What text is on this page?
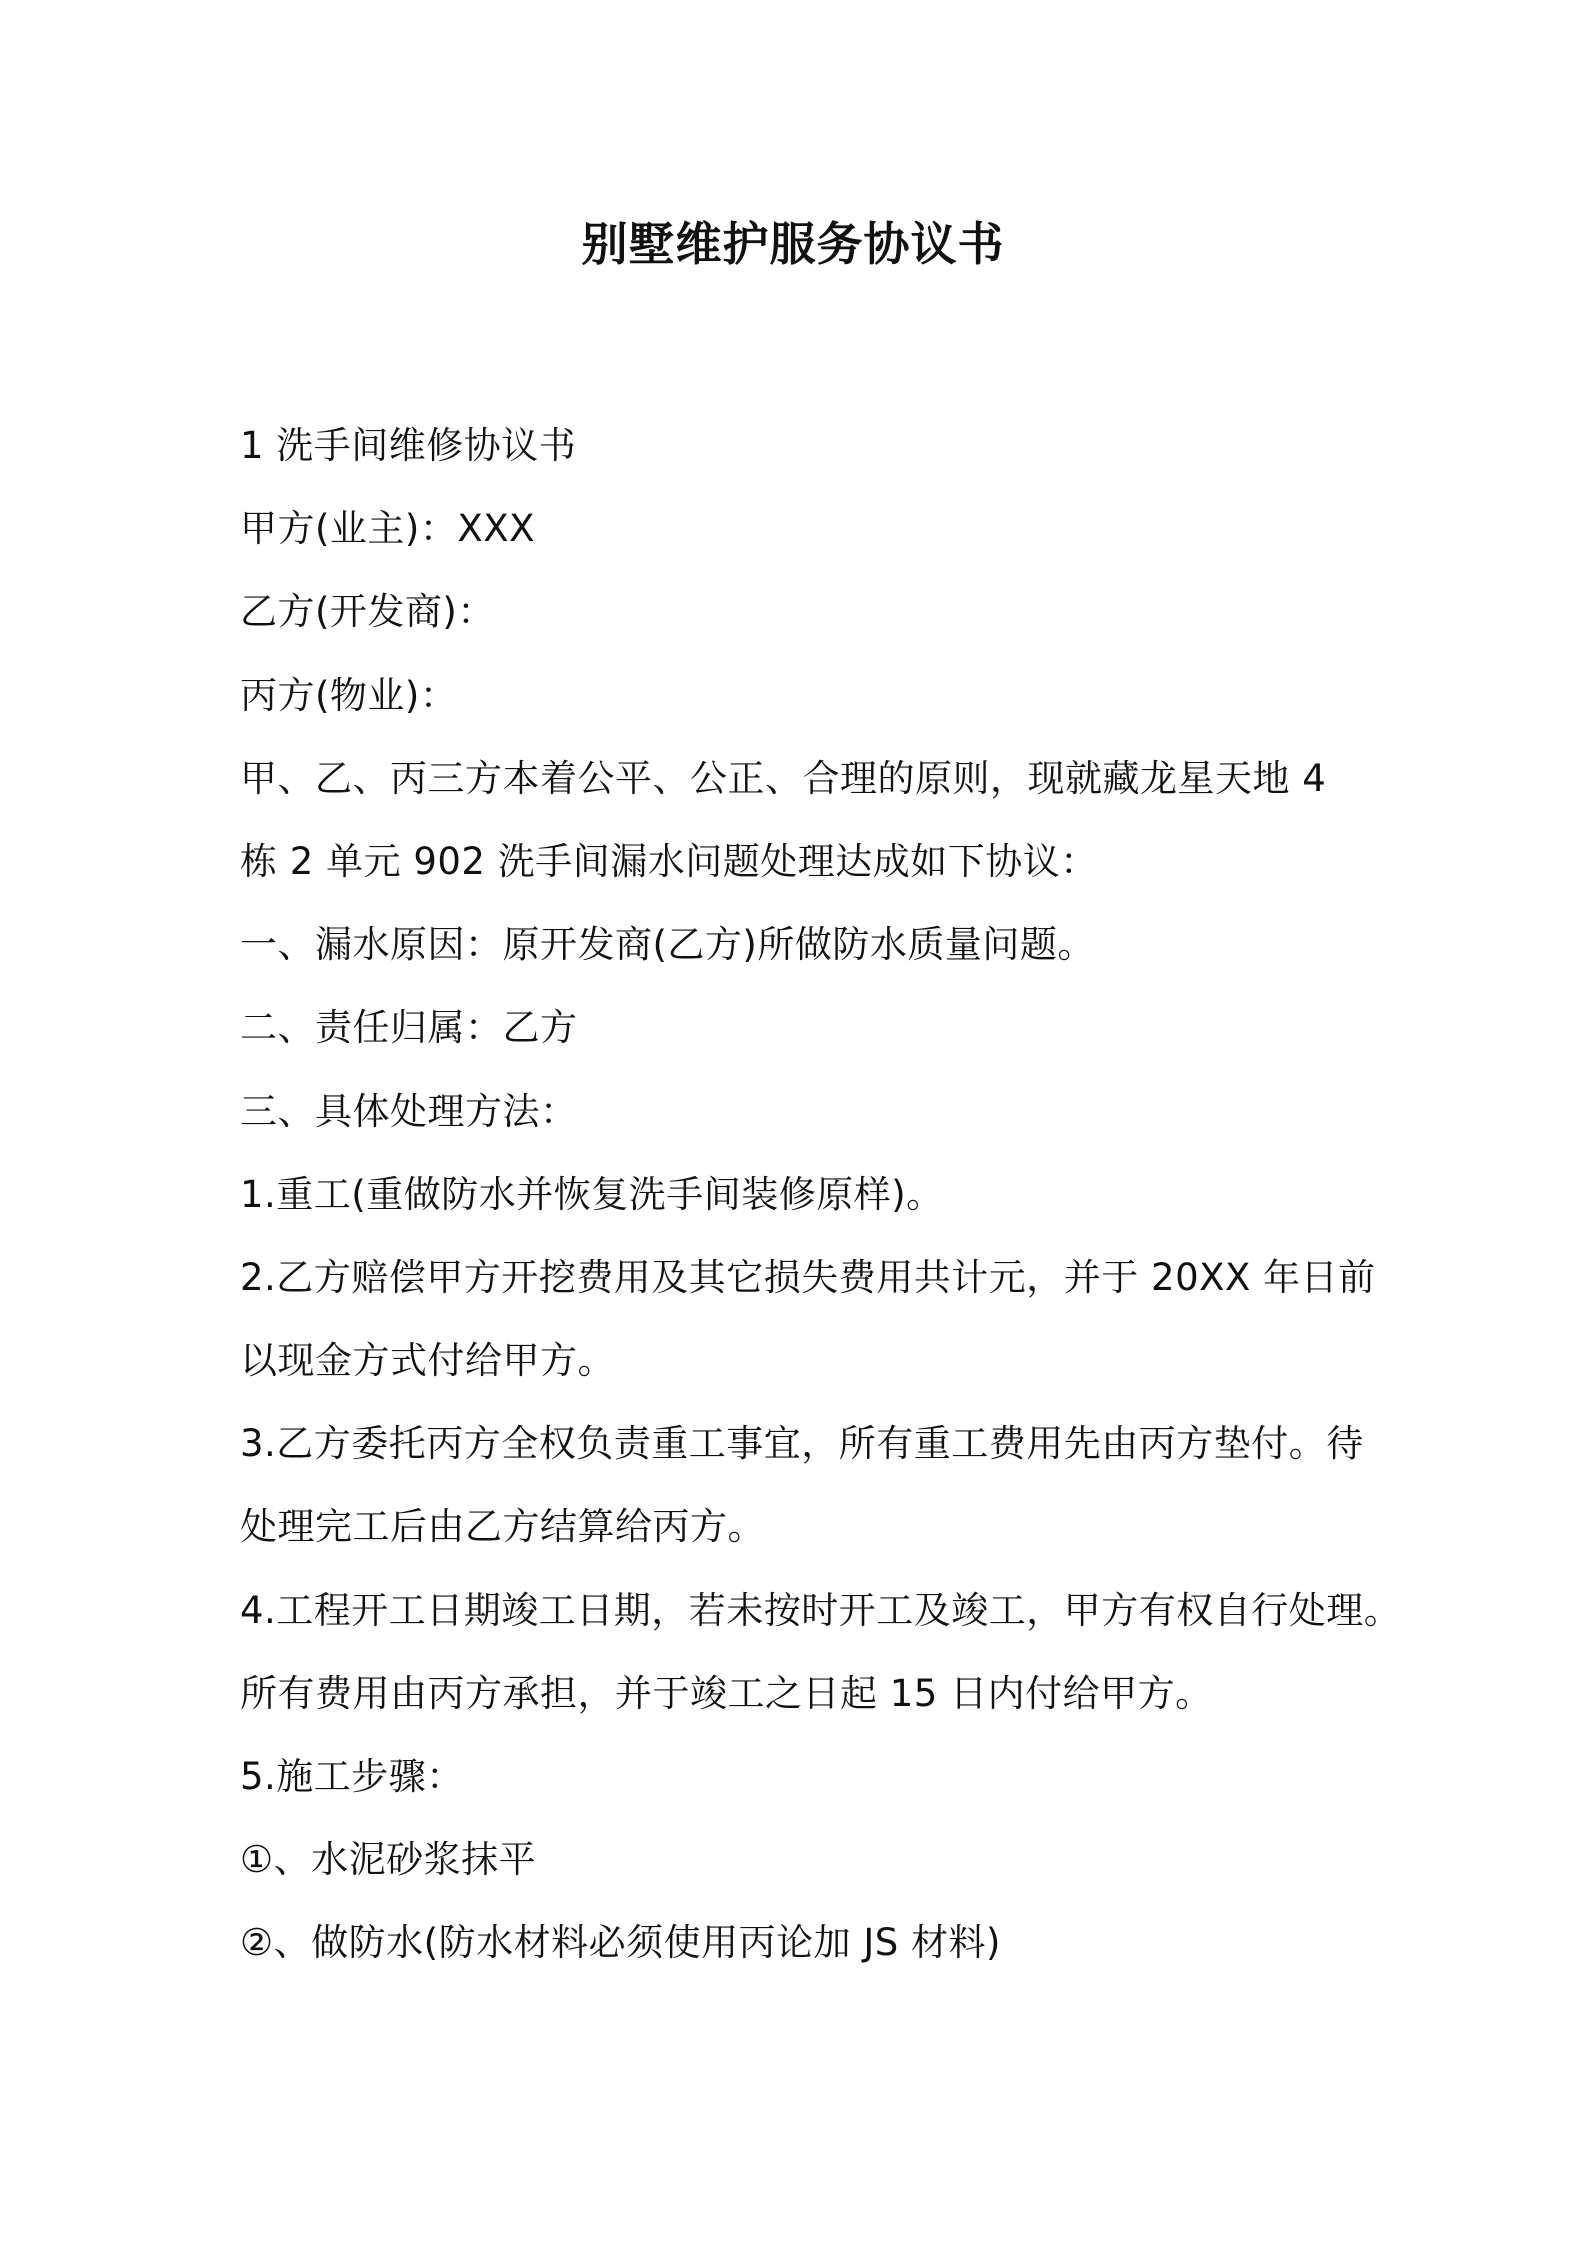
别墅维护服务协议书
1 洗手间维修协议书
甲方(业主)：XXX
乙方(开发商)：
丙方(物业)：
甲、乙、丙三方本着公平、公正、合理的原则，现就藏龙星天地 4
栋 2 单元 902 洗手间漏水问题处理达成如下协议：
一、漏水原因：原开发商(乙方)所做防水质量问题。
二、责任归属：乙方
三、具体处理方法：
1.重工(重做防水并恢复洗手间装修原样)。
2.乙方赔偿甲方开挖费用及其它损失费用共计元，并于 20XX 年日前
以现金方式付给甲方。
3.乙方委托丙方全权负责重工事宜，所有重工费用先由丙方垫付。待
处理完工后由乙方结算给丙方。
4.工程开工日期竣工日期，若未按时开工及竣工，甲方有权自行处理。
所有费用由丙方承担，并于竣工之日起 15 日内付给甲方。
5.施工步骤：
①、水泥砂浆抹平
②、做防水(防水材料必须使用丙论加 JS 材料)
